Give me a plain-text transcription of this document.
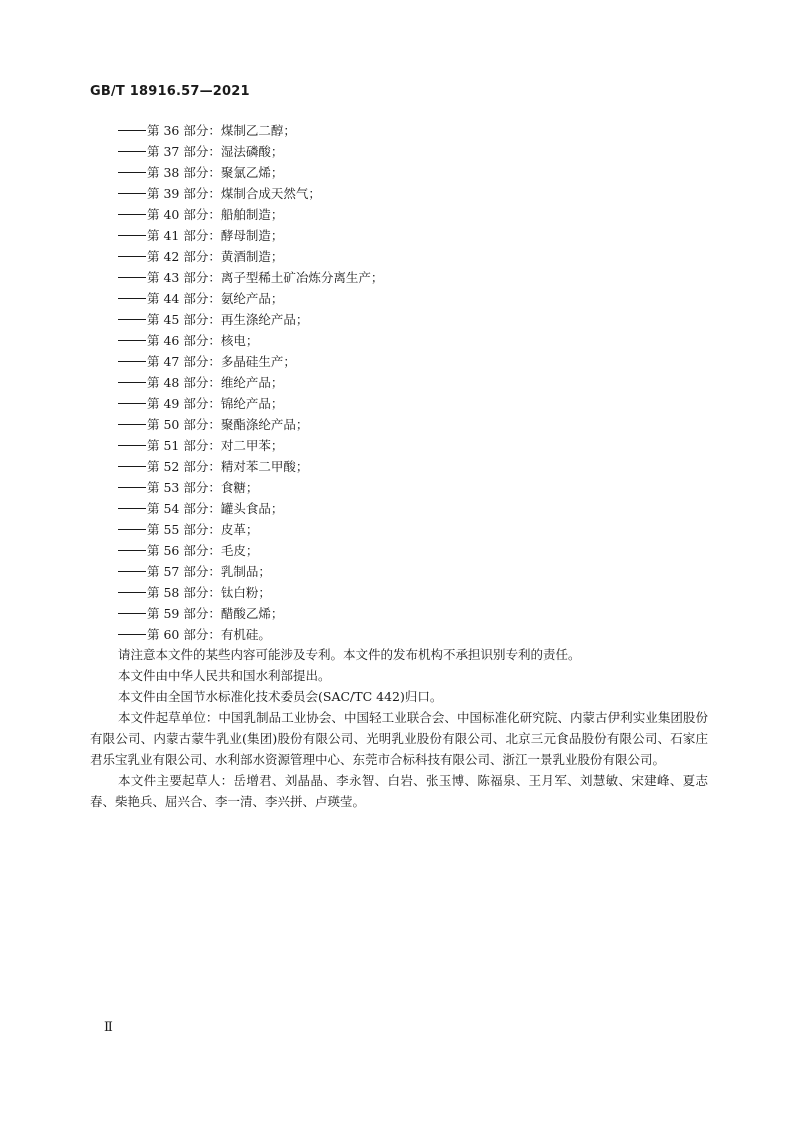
GB/T 18916.57—2021
第 36 部分：煤制乙二醇；
第 37 部分：湿法磷酸；
第 38 部分：聚氯乙烯；
第 39 部分：煤制合成天然气；
第 40 部分：船舶制造；
第 41 部分：酵母制造；
第 42 部分：黄酒制造；
第 43 部分：离子型稀土矿冶炼分离生产；
第 44 部分：氨纶产品；
第 45 部分：再生涤纶产品；
第 46 部分：核电；
第 47 部分：多晶硅生产；
第 48 部分：维纶产品；
第 49 部分：锦纶产品；
第 50 部分：聚酯涤纶产品；
第 51 部分：对二甲苯；
第 52 部分：精对苯二甲酸；
第 53 部分：食糖；
第 54 部分：罐头食品；
第 55 部分：皮革；
第 56 部分：毛皮；
第 57 部分：乳制品；
第 58 部分：钛白粉；
第 59 部分：醋酸乙烯；
第 60 部分：有机硅。

请注意本文件的某些内容可能涉及专利。本文件的发布机构不承担识别专利的责任。

本文件由中华人民共和国水利部提出。

本文件由全国节水标准化技术委员会(SAC/TC 442)归口。

本文件起草单位：中国乳制品工业协会、中国轻工业联合会、中国标准化研究院、内蒙古伊利实业集团股份有限公司、内蒙古蒙牛乳业(集团)股份有限公司、光明乳业股份有限公司、北京三元食品股份有限公司、石家庄君乐宝乳业有限公司、水利部水资源管理中心、东莞市合标科技有限公司、浙江一景乳业股份有限公司。

本文件主要起草人：岳增君、刘晶晶、李永智、白岩、张玉博、陈福泉、王月军、刘慧敏、宋建峰、夏志春、柴艳兵、屈兴合、李一清、李兴拼、卢瑛莹。

Ⅱ
